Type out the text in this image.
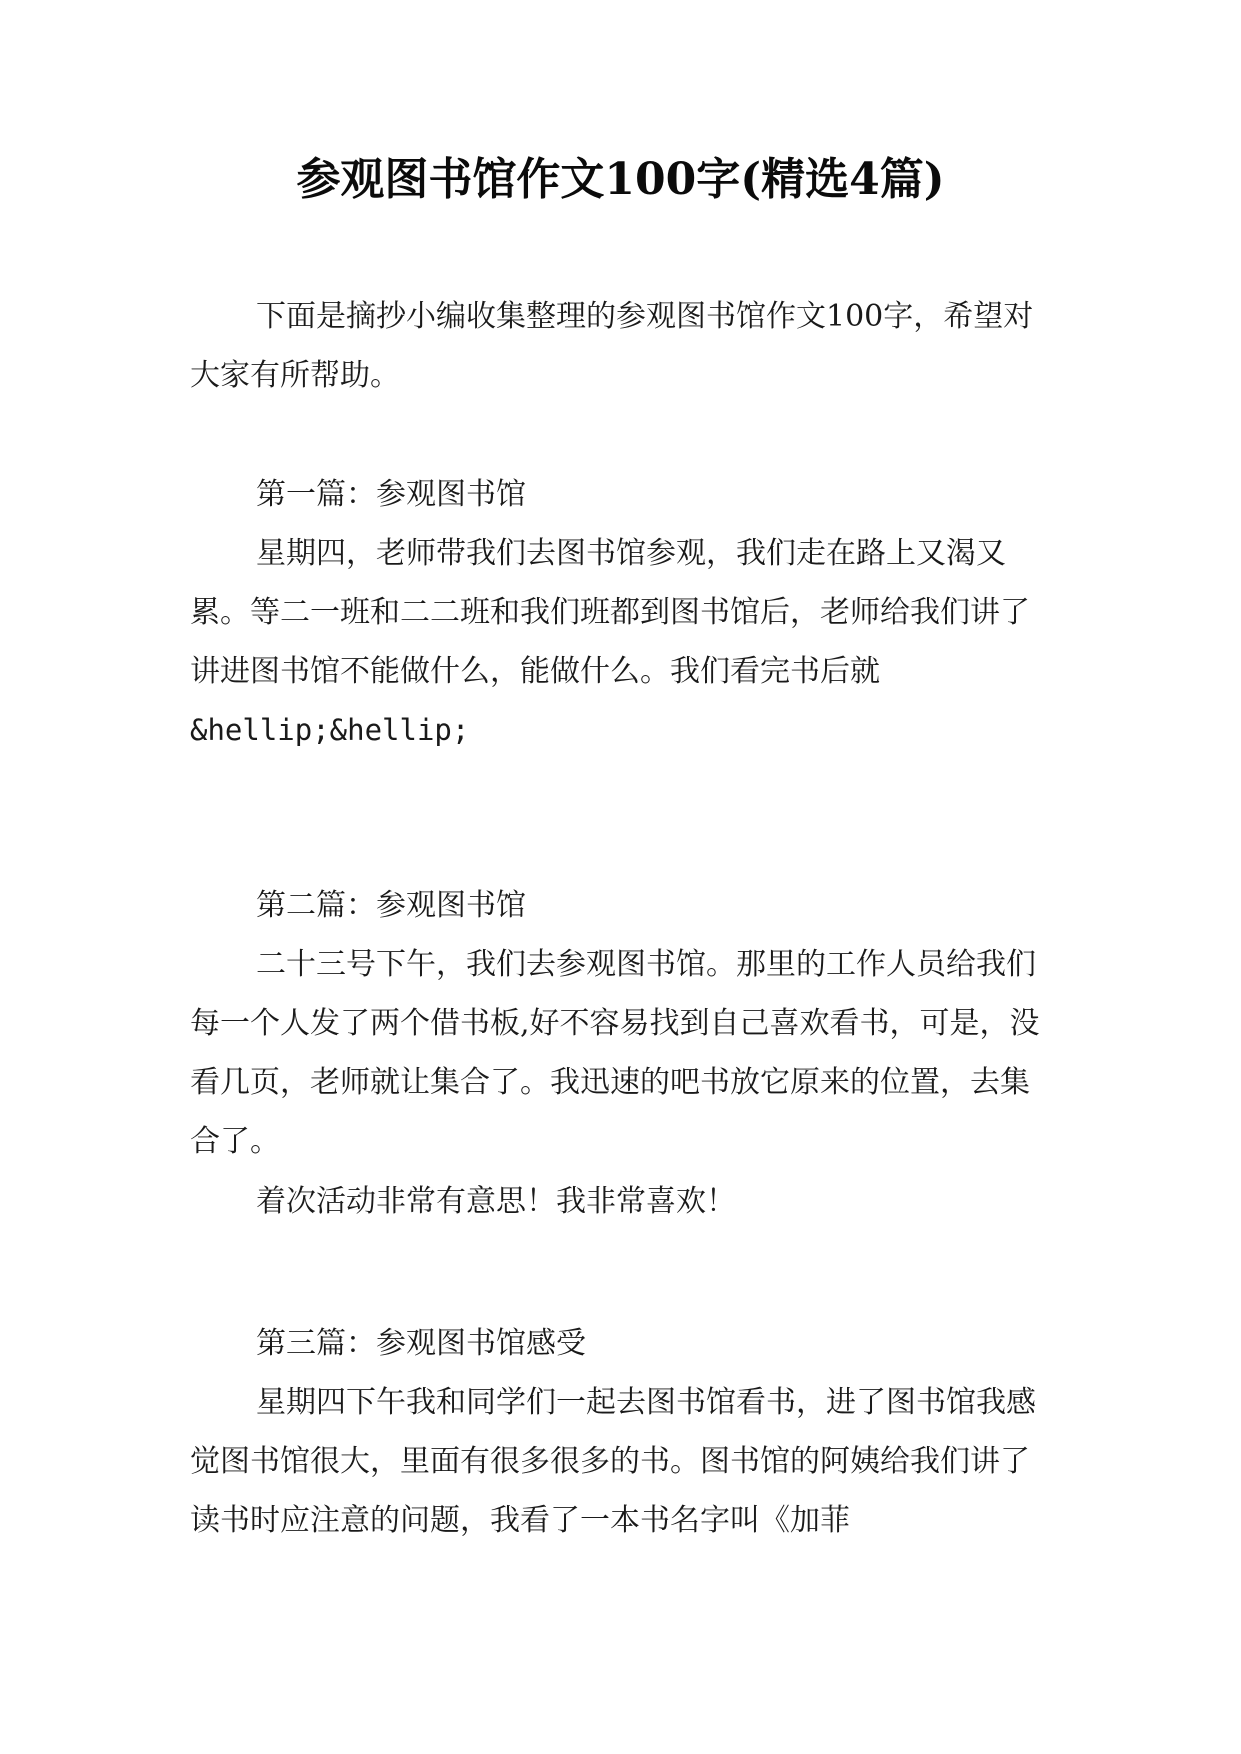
参观图书馆作文100字(精选4篇)

下面是摘抄小编收集整理的参观图书馆作文100字，希望对大家有所帮助。

第一篇：参观图书馆

星期四，老师带我们去图书馆参观，我们走在路上又渴又累。等二一班和二二班和我们班都到图书馆后，老师给我们讲了讲进图书馆不能做什么，能做什么。我们看完书后就

&hellip;&hellip;

第二篇：参观图书馆

二十三号下午，我们去参观图书馆。那里的工作人员给我们每一个人发了两个借书板,好不容易找到自己喜欢看书，可是，没看几页，老师就让集合了。我迅速的吧书放它原来的位置，去集合了。

着次活动非常有意思！我非常喜欢！

第三篇：参观图书馆感受

星期四下午我和同学们一起去图书馆看书，进了图书馆我感觉图书馆很大，里面有很多很多的书。图书馆的阿姨给我们讲了读书时应注意的问题，我看了一本书名字叫《加菲
